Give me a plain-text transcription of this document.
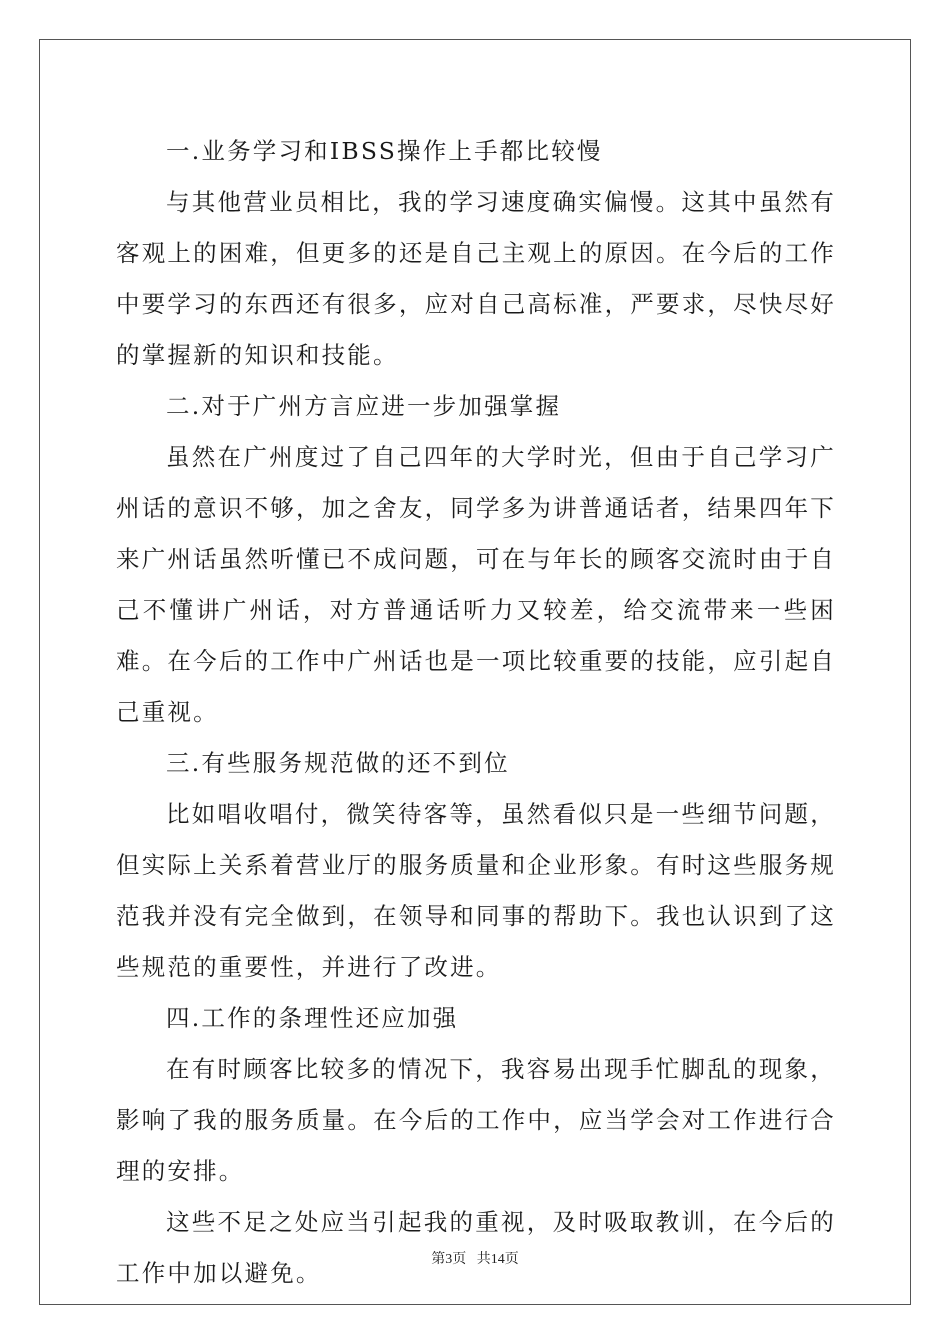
一.业务学习和IBSS操作上手都比较慢

与其他营业员相比，我的学习速度确实偏慢。这其中虽然有客观上的困难，但更多的还是自己主观上的原因。在今后的工作中要学习的东西还有很多，应对自己高标准，严要求，尽快尽好的掌握新的知识和技能。

二.对于广州方言应进一步加强掌握

虽然在广州度过了自己四年的大学时光，但由于自己学习广州话的意识不够，加之舍友，同学多为讲普通话者，结果四年下来广州话虽然听懂已不成问题，可在与年长的顾客交流时由于自己不懂讲广州话，对方普通话听力又较差，给交流带来一些困难。在今后的工作中广州话也是一项比较重要的技能，应引起自己重视。

三.有些服务规范做的还不到位

比如唱收唱付，微笑待客等，虽然看似只是一些细节问题，但实际上关系着营业厅的服务质量和企业形象。有时这些服务规范我并没有完全做到，在领导和同事的帮助下。我也认识到了这些规范的重要性，并进行了改进。

四.工作的条理性还应加强

在有时顾客比较多的情况下，我容易出现手忙脚乱的现象，影响了我的服务质量。在今后的工作中，应当学会对工作进行合理的安排。

这些不足之处应当引起我的重视，及时吸取教训，在今后的工作中加以避免。	第3页   共14页
